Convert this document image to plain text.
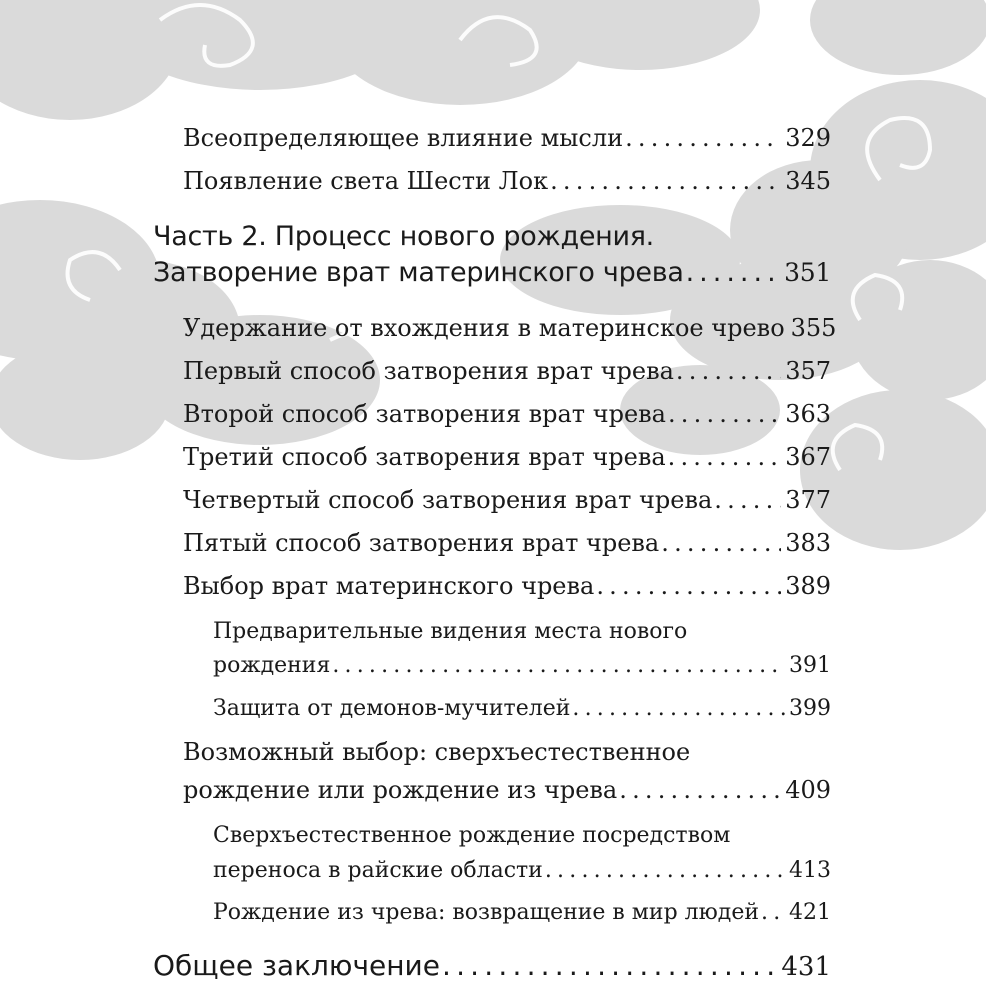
Всеопределяющее влияние мысли .....	329
Появление света Шести Лок .....	345
Часть 2. Процесс нового рождения.
Затворение врат материнского чрева .....	351
Удержание от вхождения в материнское чрево 355
Первый способ затворения врат чрева .....	357
Второй способ затворения врат чрева .....	363
Третий способ затворения врат чрева .....	367
Четвертый способ затворения врат чрева .....	377
Пятый способ затворения врат чрева .....	383
Выбор врат материнского чрева .....	389
Предварительные видения места нового
рождения .....	391
Защита от демонов-мучителей .....	399
Возможный выбор: сверхъестественное
рождение или рождение из чрева .....	409
Сверхъестественное рождение посредством
переноса в райские области .....	413
Рождение из чрева: возвращение в мир людей ..... 421
Общее заключение .....	431
